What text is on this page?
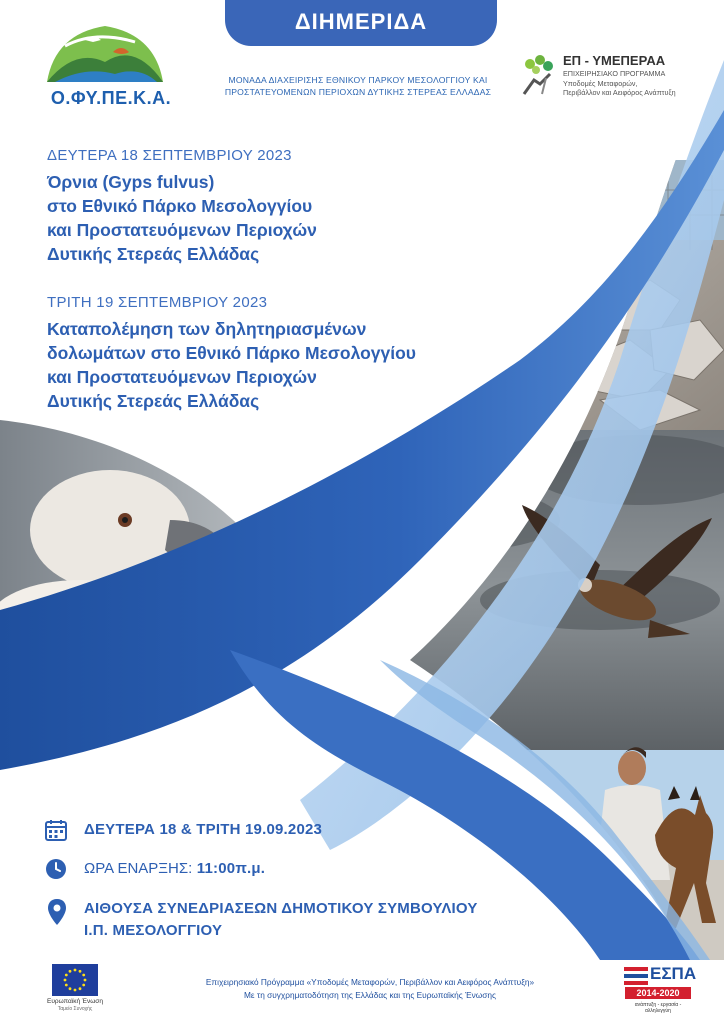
ΔΙΗΜΕΡΙΔΑ
Ο.ΦΥ.ΠΕ.Κ.Α.
ΜΟΝΑΔΑ ΔΙΑΧΕΙΡΙΣΗΣ ΕΘΝΙΚΟΥ ΠΑΡΚΟΥ ΜΕΣΟΛΟΓΓΙΟΥ ΚΑΙ ΠΡΟΣΤΑΤΕΥΟΜΕΝΩΝ ΠΕΡΙΟΧΩΝ ΔΥΤΙΚΗΣ ΣΤΕΡΕΑΣ ΕΛΛΑΔΑΣ
ΕΠ - ΥΜΕΠΕΡΑΑ
ΕΠΙΧΕΙΡΗΣΙΑΚΟ ΠΡΟΓΡΑΜΜΑ
Υποδομές Μεταφορών,
Περιβάλλον και Αειφόρος Ανάπτυξη
ΔΕΥΤΕΡΑ 18 ΣΕΠΤΕΜΒΡΙΟΥ 2023
Όρνια (Gyps fulvus)
στο Εθνικό Πάρκο Μεσολογγίου
και Προστατευόμενων Περιοχών
Δυτικής Στερεάς Ελλάδας
ΤΡΙΤΗ 19 ΣΕΠΤΕΜΒΡΙΟΥ 2023
Καταπολέμηση των δηλητηριασμένων
δολωμάτων στο Εθνικό Πάρκο Μεσολογγίου
και Προστατευόμενων Περιοχών
Δυτικής Στερεάς Ελλάδας
ΔΕΥΤΕΡΑ 18 & ΤΡΙΤΗ 19.09.2023
ΩΡΑ ΕΝΑΡΞΗΣ: 11:00π.μ.
ΑΙΘΟΥΣΑ ΣΥΝΕΔΡΙΑΣΕΩΝ ΔΗΜΟΤΙΚΟΥ ΣΥΜΒΟΥΛΙΟΥ
Ι.Π. ΜΕΣΟΛΟΓΓΙΟΥ
Ευρωπαϊκή Ένωση
Ταμείο Συνοχής
Επιχειρησιακό Πρόγραμμα «Υποδομές Μεταφορών, Περιβάλλον και Αειφόρος Ανάπτυξη»
Με τη συγχρηματοδότηση της Ελλάδας και της Ευρωπαϊκής Ένωσης
ΕΣΠΑ
2014-2020
ανάπτυξη - εργασία - αλληλεγγύη
